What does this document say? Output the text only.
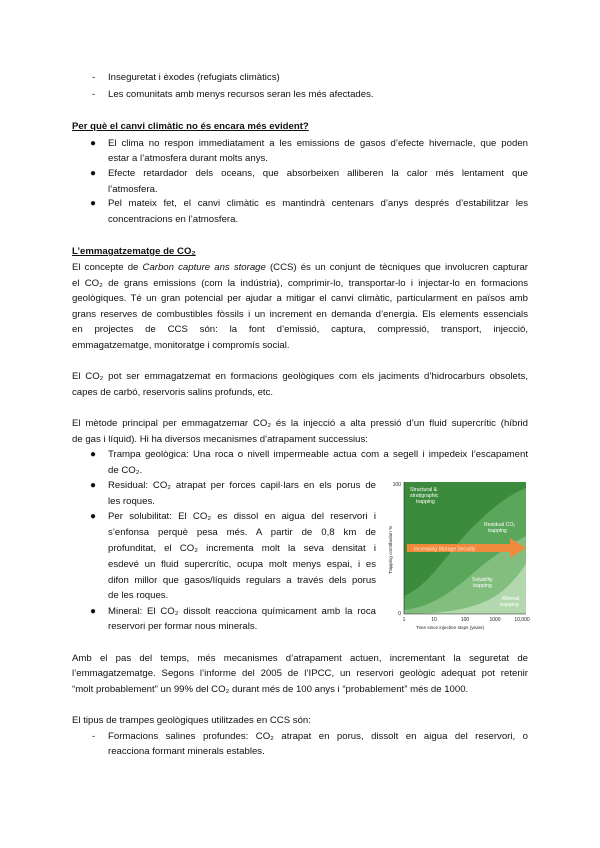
- Inseguretat i èxodes (refugiats climàtics)
- Les comunitats amb menys recursos seran les més afectades.
Per què el canvi climàtic no és encara més evident?
● El clima no respon immediatament a les emissions de gasos d’efecte hivernacle, que poden
estar a l’atmosfera durant molts anys.
● Efecte retardador dels oceans, que absorbeixen alliberen la calor més lentament que
l’atmosfera.
● Pel mateix fet, el canvi climàtic es mantindrà centenars d’anys després d’estabilitzar les
concentracions en l’atmosfera.
L’emmagatzematge de CO₂
El concepte de Carbon capture ans storage (CCS) és un conjunt de tècniques que involucren capturar
el CO₂ de grans emissions (com la indústria), comprimir-lo, transportar-lo i injectar-lo en formacions
geològiques. Té un gran potencial per ajudar a mitigar el canvi climàtic, particularment en països amb
grans reserves de combustibles fòssils i un increment en demanda d’energia. Els elements essencials
en projectes de CCS són: la font d’emissió, captura, compressió, transport, injecció,
emmagatzematge, monitoratge i compromís social.
El CO₂ pot ser emmagatzemat en formacions geològiques com els jaciments d’hidrocarburs obsolets,
capes de carbó, reservoris salins profunds, etc.
El mètode principal per emmagatzemar CO₂ és la injecció a alta pressió d’un fluid supercrític (híbrid
de gas i líquid). Hi ha diversos mecanismes d’atrapament successius:
● Trampa geològica: Una roca o nivell impermeable actua com a segell i impedeix l’escapament
de CO₂.
● Residual: CO₂ atrapat per forces capil·lars en els porus de
les roques.
● Per solubilitat: El CO₂ es dissol en aigua del reservori i
s’enfonsa perquè pesa més. A partir de 0,8 km de
profunditat, el CO₂ incrementa molt la seva densitat i
esdevé un fluid supercrític, ocupa molt menys espai, i es
difon millor que gasos/líquids regulars a través dels porus
de les roques.
● Mineral: El CO₂ dissolt reacciona químicament amb la roca
reservori per formar nous minerals.
Increasing Storage Security
Structural & stratigraphic trapping
Residual CO₂ trapping
Solubility trapping
Mineral trapping
100
0
Trapping contribution %
1	10	100	1000	10,000
Time since injection stops (years)
Amb el pas del temps, més mecanismes d’atrapament actuen, incrementant la seguretat de
l’emmagatzematge. Segons l’informe del 2005 de l’IPCC, un reservori geològic adequat pot retenir
“molt probablement” un 99% del CO₂ durant més de 100 anys i “probablement” més de 1000.
El tipus de trampes geològiques utilitzades en CCS són:
- Formacions salines profundes: CO₂ atrapat en porus, dissolt en aigua del reservori, o
reacciona formant minerals estables.
